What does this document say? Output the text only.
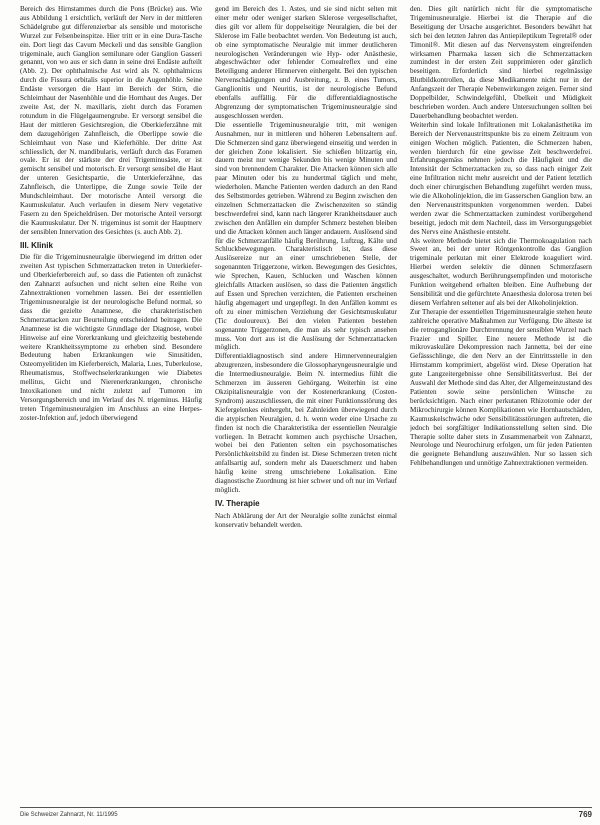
Bereich des Hirnstammes durch die Pons (Brücke) aus. Wie aus Abbildung 1 ersichtlich, verläuft der Nerv in der mittleren Schädelgrube gut differenzierbar als sensible und motorische Wurzel zur Felsenbeinspitze. Hier tritt er in eine Dura-Tasche ein. Dort liegt das Cavum Meckeli und das sensible Ganglion trigeminale, auch Ganglion semilunare oder Ganglion Gasseri genannt, von wo aus er sich dann in seine drei Endäste aufteilt (Abb. 2). Der ophthalmische Ast wird als N. ophthalmicus durch die Fissura orbitalis superior in die Augenhöhle. Seine Endäste versorgen die Haut im Bereich der Stirn, die Schleimhaut der Nasenhöhle und die Hornhaut des Auges. Der zweite Ast, der N. maxillaris, zieht durch das Foramen rotundum in die Flügelgaumengrube. Er versorgt sensibel die Haut der mittleren Gesichtsregion, die Oberkieferzähne mit dem dazugehörigen Zahnfleisch, die Oberlippe sowie die Schleimhaut von Nase und Kieferhöhle. Der dritte Ast schliesslich, der N. mandibularis, verläuft durch das Foramen ovale. Er ist der stärkste der drei Trigeminusäste, er ist gemischt sensibel und motorisch. Er versorgt sensibel die Haut der unteren Gesichtspartie, die Unterkieferzähne, das Zahnfleisch, die Unterlippe, die Zunge sowie Teile der Mundschleimhaut. Der motorische Anteil versorgt die Kaumuskulatur. Auch verlaufen in diesem Nerv vegetative Fasern zu den Speicheldrüsen. Der motorische Anteil versorgt die Kaumuskulatur. Der N. trigeminus ist somit der Hauptnerv der sensiblen Innervation des Gesichtes (s. auch Abb. 2).

III. Klinik

Die für die Trigeminusneuralgie überwiegend im dritten oder zweiten Ast typischen Schmerzattacken treten in Unterkiefer- und Oberkieferbereich auf, so dass die Patienten oft zunächst den Zahnarzt aufsuchen und nicht selten eine Reihe von Zahnextraktionen vornehmen lassen. Bei der essentiellen Trigeminusneuralgie ist der neurologische Befund normal, so dass die gezielte Anamnese, die charakteristischen Schmerzattacken zur Beurteilung entscheidend beitragen. Die Anamnese ist die wichtigste Grundlage der Diagnose, wobei Hinweise auf eine Vorerkrankung und gleichzeitig bestehende weitere Krankheitssymptome zu erheben sind. Besondere Bedeutung haben Erkrankungen wie Sinusitiden, Osteomyelitiden im Kieferbereich, Malaria, Lues, Tuberkulose, Rheumatismus, Stoffwechselerkrankungen wie Diabetes mellitus, Gicht und Nierenerkrankungen, chronische Intoxikationen und nicht zuletzt auf Tumoren im Versorgungsbereich und im Verlauf des N. trigeminus. Häufig treten Trigeminusneuralgien im Anschluss an eine Herpes-zoster-Infektion auf, jedoch überwiegend

gend im Bereich des 1. Astes, und sie sind nicht selten mit einer mehr oder weniger starken Sklerose vergesellschaftet, dies gilt vor allem für doppelseitige Neuralgien, die bei der Sklerose im Falle beobachtet werden. Von Bedeutung ist auch, ob eine symptomatische Neuralgie mit immer deutlicheren neurologischen Veränderungen wie Hyp- oder Anästhesie, abgeschwächter oder fehlender Cornealreflex und eine Beteiligung anderer Hirnnerven einhergeht. Bei den typischen Nervenschädigungen und Ausbreitung, z. B. eines Tumors, Ganglionitis und Neuritis, ist der neurologische Befund ebenfalls auffällig. Für die differentialdiagnostische Abgrenzung der symptomatischen Trigeminusneuralgie sind ausgeschlossen werden.

Die essentielle Trigeminusneuralgie tritt, mit wenigen Ausnahmen, nur in mittleren und höheren Lebensaltern auf. Die Schmerzen sind ganz überwiegend einseitig und werden in der gleichen Zone lokalisiert. Sie schießen blitzartig ein, dauern meist nur wenige Sekunden bis wenige Minuten und sind von brennendem Charakter. Die Attacken können sich alle paar Minuten oder bis zu hundertmal täglich und mehr, wiederholen. Manche Patienten werden dadurch an den Rand des Selbstmordes getrieben. Während zu Beginn zwischen den einzelnen Schmerzattacken die Zwischenzeiten so ständig beschwerdefrei sind, kann nach längerer Krankheitsdauer auch zwischen den Anfällen ein dumpfer Schmerz bestehen bleiben und die Attacken können auch länger andauern. Auslösend sind für die Schmerzanfälle häufig Berührung, Luftzug, Kälte und Schluckbewegungen. Charakteristisch ist, dass diese Auslösereize nur an einer umschriebenen Stelle, der sogenannten Triggerzone, wirken. Bewegungen des Gesichtes, wie Sprechen, Kauen, Schlucken und Waschen können gleichfalls Attacken auslösen, so dass die Patienten ängstlich auf Essen und Sprechen verzichten, die Patienten erscheinen häufig abgemagert und ungepflegt. In den Anfällen kommt es oft zu einer mimischen Verziehung der Gesichtsmuskulatur (Tic douloureux). Bei den vielen Patienten bestehen sogenannte Triggerzonen, die man als sehr typisch ansehen muss. Von dort aus ist die Auslösung der Schmerzattacken möglich.

Differentialdiagnostisch sind andere Hirnnervenneuralgien abzugrenzen, insbesondere die Glossopharyngeusneuralgie und die Intermediusneuralgie. Beim N. intermedius fühlt die Schmerzen im äusseren Gehörgang. Weiterhin ist eine Okzipitalisneuralgie von der Kostenerkrankung (Costen-Syndrom) auszuschliessen, die mit einer Funktionsstörung des Kiefergelenkes einhergeht, bei Zahnleiden überwiegend durch die atypischen Neuralgien, d. h. wenn weder eine Ursache zu finden ist noch die Charakteristika der essentiellen Neuralgie vorliegen. In Betracht kommen auch psychische Ursachen, wobei bei den Patienten selten ein psychosomatisches Persönlichkeitsbild zu finden ist. Diese Schmerzen treten nicht anfallsartig auf, sondern mehr als Dauerschmerz und haben häufig keine streng umschriebene Lokalisation. Eine diagnostische Zuordnung ist hier schwer und oft nur im Verlauf möglich.

IV. Therapie

Nach Abklärung der Art der Neuralgie sollte zunächst einmal konservativ behandelt werden.

den. Dies gilt natürlich nicht für die symptomatische Trigeminusneuralgie. Hierbei ist die Therapie auf die Beseitigung der Ursache ausgerichtet. Besonders bewährt hat sich bei den letzten Jahren das Antiepileptikum Tegretal® oder Timonil®. Mit diesen auf das Nervensystem eingreifenden wirksamen Pharmaka lassen sich die Schmerzattacken zumindest in der ersten Zeit supprimieren oder gänzlich beseitigen. Erforderlich sind hierbei regelmässige Blutbildkontrollen, da diese Medikamente nicht nur in der Anfangszeit der Therapie Nebenwirkungen zeigen. Ferner sind Doppelbilder, Schwindelgefühl, Übelkeit und Müdigkeit beschrieben worden. Auch andere Untersuchungen sollten bei Dauerbehandlung beobachtet werden.

Weiterhin sind lokale Infiltrationen mit Lokalanästhetika im Bereich der Nervenaustrittspunkte bis zu einem Zeitraum von einigen Wochen möglich. Patienten, die Schmerzen haben, werden hierdurch für eine gewisse Zeit beschwerdefrei. Erfahrungsgemäss nehmen jedoch die Häufigkeit und die Intensität der Schmerzattacken zu, so dass nach einiger Zeit eine Infiltration nicht mehr ausreicht und der Patient letztlich doch einer chirurgischen Behandlung zugeführt werden muss, wie die Alkoholinjektion, die im Gasserschen Ganglion bzw. an den Nervenaustrittspunkten vorgenommen werden. Dabei werden zwar die Schmerzattacken zumindest vorübergehend beseitigt, jedoch mit dem Nachteil, dass im Versorgungsgebiet des Nervs eine Anästhesie entsteht.

Als weitere Methode bietet sich die Thermokoagulation nach Sweet an, bei der unter Röntgenkontrolle das Ganglion trigeminale perkutan mit einer Elektrode koaguliert wird. Hierbei werden selektiv die dünnen Schmerzfasern ausgeschaltet, wodurch Berührungsempfinden und motorische Funktion weitgehend erhalten bleiben. Eine Aufhebung der Sensibilität und die gefürchtete Anaesthesia dolorosa treten bei diesem Verfahren seltener auf als bei der Alkoholinjektion.

Zur Therapie der essentiellen Trigeminusneuralgie stehen heute zahlreiche operative Maßnahmen zur Verfügung. Die älteste ist die retroganglionäre Durchtrennung der sensiblen Wurzel nach Frazier und Spiller. Eine neuere Methode ist die mikrovaskuläre Dekompression nach Jannetta, bei der eine Gefässschlinge, die den Nerv an der Eintrittsstelle in den Hirnstamm komprimiert, abgelöst wird. Diese Operation hat gute Langzeitergebnisse ohne Sensibilitätsverlust. Bei der Auswahl der Methode sind das Alter, der Allgemeinzustand des Patienten sowie seine persönlichen Wünsche zu berücksichtigen. Nach einer perkutanen Rhizotomie oder der Mikrochirurgie können Komplikationen wie Hornhautschäden, Kaumuskelschwäche oder Sensibilitätsstörungen auftreten, die jedoch bei sorgfältiger Indikationsstellung selten sind. Die Therapie sollte daher stets in Zusammenarbeit von Zahnarzt, Neurologe und Neurochirurg erfolgen, um für jeden Patienten die geeignete Behandlung auszuwählen. Nur so lassen sich Fehlbehandlungen und unnötige Zahnextraktionen vermeiden.

Die Schweizer Zahnarzt, Nr. 11/1995	769
